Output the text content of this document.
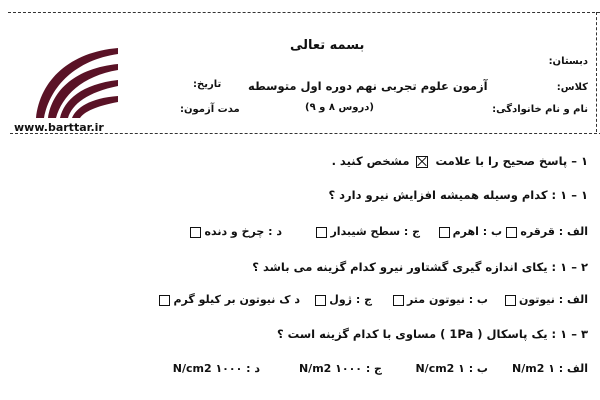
www.barttar.ir
بسمه تعالی
دبستان:
کلاس:
نام و نام خانوادگی:
آزمون علوم تجربی نهم دوره اول متوسطه
(دروس ۸ و ۹)
تاریخ:
مدت آزمون:
۱ – پاسخ صحیح را با علامت  مشخص کنید .
۱ – ۱ : کدام وسیله همیشه افزایش نیرو دارد ؟
الف : قرقره
ب : اهرم
ج : سطح شیبدار
د : چرخ و دنده
۲ – ۱ : یکای اندازه گیری گشتاور نیرو کدام گزینه می باشد ؟
الف : نیوتون
ب : نیوتون متر
ج : ژول
د ک نیوتون بر کیلو گرم
۳ – ۱ : یک پاسکال ( 1Pa ) مساوی با کدام گزینه است ؟
الف : N/m2 ۱
ب : N/cm2 ۱
ج : N/m2 ۱۰۰۰
د : N/cm2 ۱۰۰۰
